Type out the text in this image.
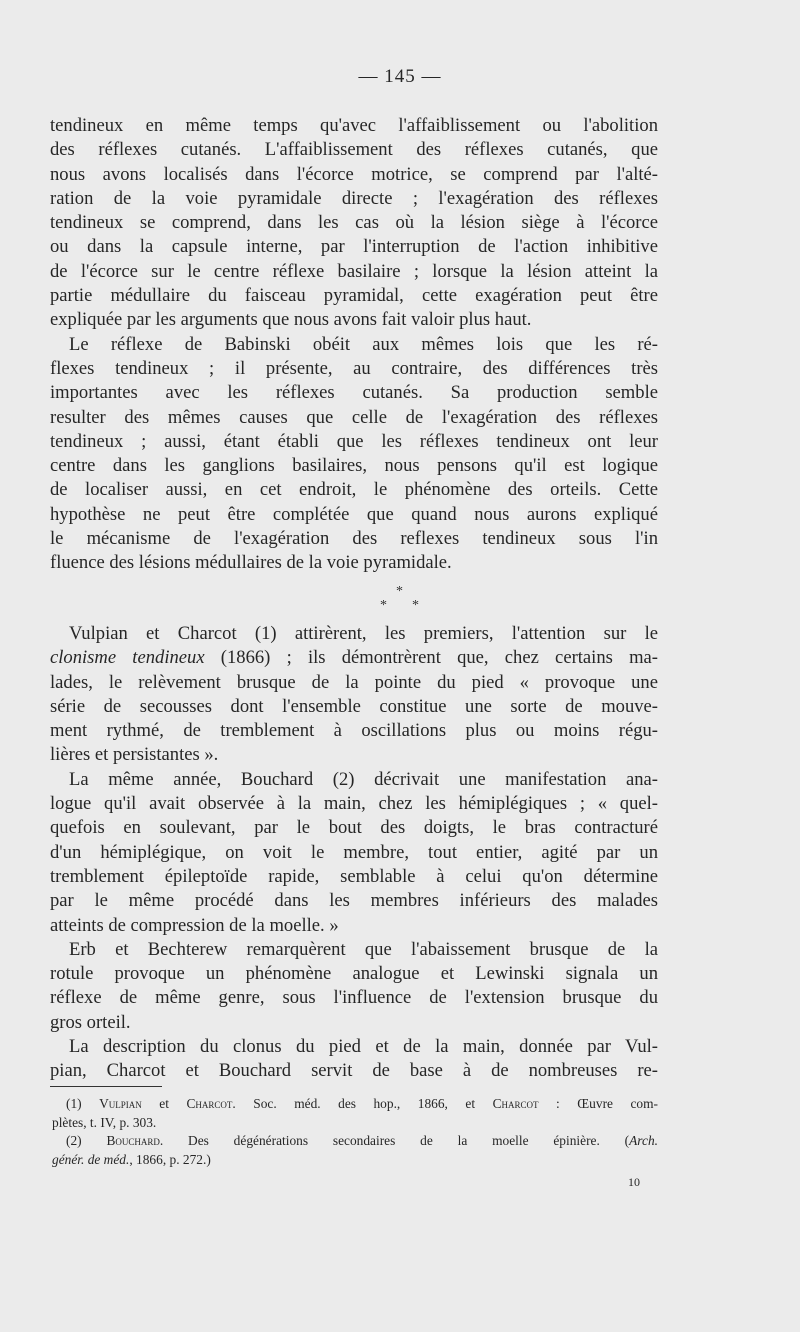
— 145 —
tendineux en même temps qu'avec l'affaiblissement ou l'abolition
des réflexes cutanés. L'affaiblissement des réflexes cutanés, que
nous avons localisés dans l'écorce motrice, se comprend par l'alté-
ration de la voie pyramidale directe ; l'exagération des réflexes
tendineux se comprend, dans les cas où la lésion siège à l'écorce
ou dans la capsule interne, par l'interruption de l'action inhibitive
de l'écorce sur le centre réflexe basilaire ; lorsque la lésion atteint la
partie médullaire du faisceau pyramidal, cette exagération peut être
expliquée par les arguments que nous avons fait valoir plus haut.
Le réflexe de Babinski obéit aux mêmes lois que les ré-
flexes tendineux ; il présente, au contraire, des différences très
importantes avec les réflexes cutanés. Sa production semble
resulter des mêmes causes que celle de l'exagération des réflexes
tendineux ; aussi, étant établi que les réflexes tendineux ont leur
centre dans les ganglions basilaires, nous pensons qu'il est logique
de localiser aussi, en cet endroit, le phénomène des orteils. Cette
hypothèse ne peut être complétée que quand nous aurons expliqué
le mécanisme de l'exagération des reflexes tendineux sous l'in
fluence des lésions médullaires de la voie pyramidale.
*
* *
Vulpian et Charcot (1) attirèrent, les premiers, l'attention sur le
clonisme tendineux (1866) ; ils démontrèrent que, chez certains ma-
lades, le relèvement brusque de la pointe du pied « provoque une
série de secousses dont l'ensemble constitue une sorte de mouve-
ment rythmé, de tremblement à oscillations plus ou moins régu-
lières et persistantes ».
La même année, Bouchard (2) décrivait une manifestation ana-
logue qu'il avait observée à la main, chez les hémiplégiques ; « quel-
quefois en soulevant, par le bout des doigts, le bras contracturé
d'un hémiplégique, on voit le membre, tout entier, agité par un
tremblement épileptoïde rapide, semblable à celui qu'on détermine
par le même procédé dans les membres inférieurs des malades
atteints de compression de la moelle. »
Erb et Bechterew remarquèrent que l'abaissement brusque de la
rotule provoque un phénomène analogue et Lewinski signala un
réflexe de même genre, sous l'influence de l'extension brusque du
gros orteil.
La description du clonus du pied et de la main, donnée par Vul-
pian, Charcot et Bouchard servit de base à de nombreuses re-
(1) Vulpian et Charcot. Soc. méd. des hop., 1866, et Charcot : Œuvre com-
plètes, t. IV, p. 303.
(2) Bouchard. Des dégénérations secondaires de la moelle épinière. (Arch.
génér. de méd., 1866, p. 272.)
10
